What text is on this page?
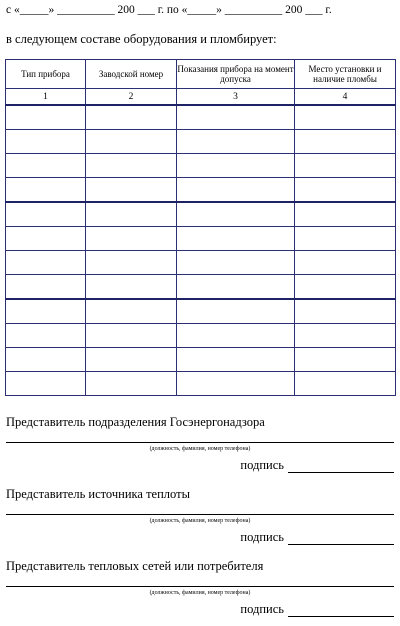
с «_____» __________ 200 ___ г. по «_____» __________ 200 ___ г.
в следующем составе оборудования и пломбирует:
Тип прибора	Заводской номер	Показания прибора на момент допуска	Место установки и наличие пломбы
1	2	3	4

Представитель подразделения Госэнергонадзора
(должность, фамилия, номер телефона)
подпись
Представитель источника теплоты
(должность, фамилия, номер телефона)
подпись
Представитель тепловых сетей или потребителя
(должность, фамилия, номер телефона)
подпись
